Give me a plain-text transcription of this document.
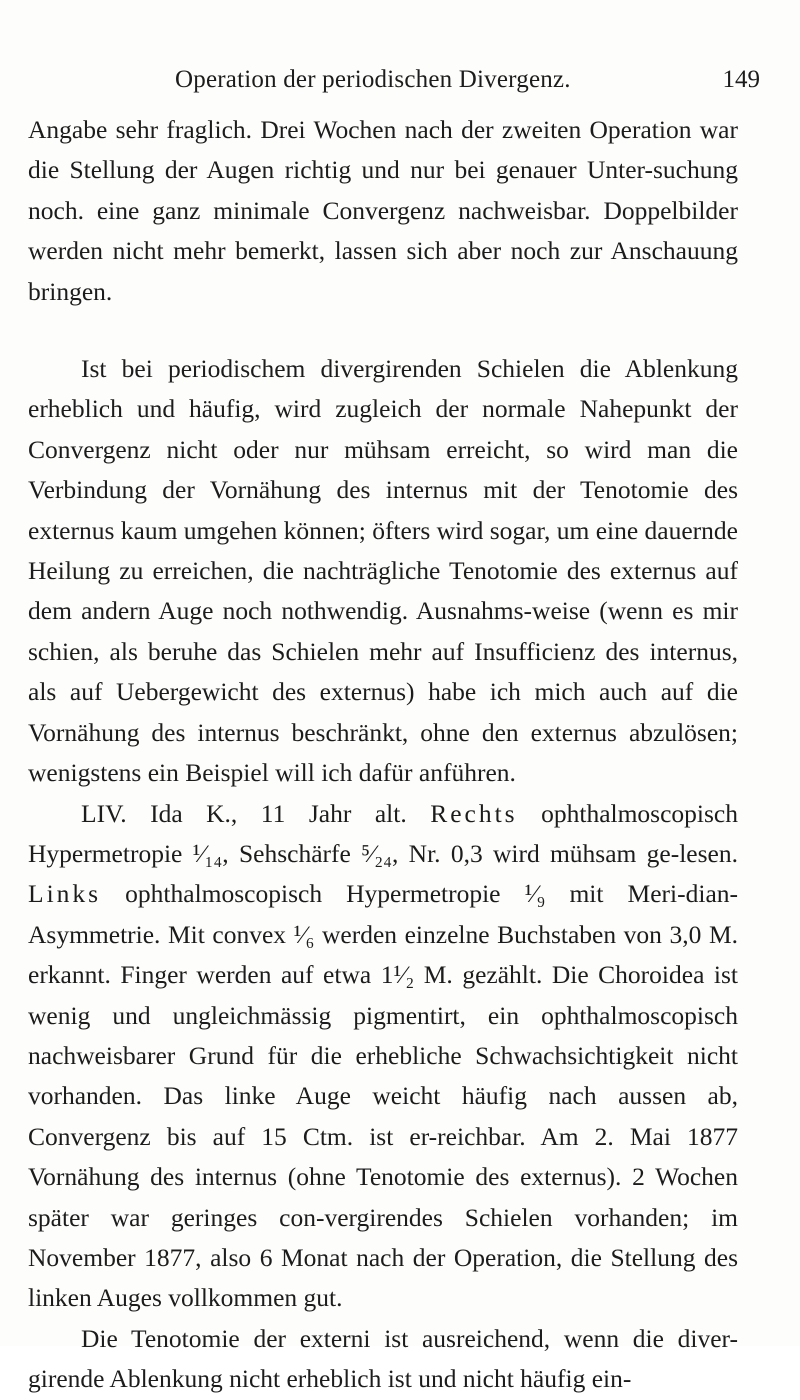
Operation der periodischen Divergenz.	149

Angabe sehr fraglich. Drei Wochen nach der zweiten Operation war die Stellung der Augen richtig und nur bei genauer Unter-suchung noch. eine ganz minimale Convergenz nachweisbar. Doppelbilder werden nicht mehr bemerkt, lassen sich aber noch zur Anschauung bringen.

Ist bei periodischem divergirenden Schielen die Ablenkung erheblich und häufig, wird zugleich der normale Nahepunkt der Convergenz nicht oder nur mühsam erreicht, so wird man die Verbindung der Vornähung des internus mit der Tenotomie des externus kaum umgehen können; öfters wird sogar, um eine dauernde Heilung zu erreichen, die nachträgliche Tenotomie des externus auf dem andern Auge noch nothwendig. Ausnahms-weise (wenn es mir schien, als beruhe das Schielen mehr auf Insufficienz des internus, als auf Uebergewicht des externus) habe ich mich auch auf die Vornähung des internus beschränkt, ohne den externus abzulösen; wenigstens ein Beispiel will ich dafür anführen.

LIV. Ida K., 11 Jahr alt. Rechts ophthalmoscopisch Hypermetropie ¹⁄₁₄, Sehschärfe ⁵⁄₂₄, Nr. 0,3 wird mühsam ge-lesen. Links ophthalmoscopisch Hypermetropie ¹⁄₉ mit Meri-dian-Asymmetrie. Mit convex ¹⁄₆ werden einzelne Buchstaben von 3,0 M. erkannt. Finger werden auf etwa 1¹⁄₂ M. gezählt. Die Choroidea ist wenig und ungleichmässig pigmentirt, ein ophthalmoscopisch nachweisbarer Grund für die erhebliche Schwachsichtigkeit nicht vorhanden. Das linke Auge weicht häufig nach aussen ab, Convergenz bis auf 15 Ctm. ist er-reichbar. Am 2. Mai 1877 Vornähung des internus (ohne Tenotomie des externus). 2 Wochen später war geringes con-vergirendes Schielen vorhanden; im November 1877, also 6 Monat nach der Operation, die Stellung des linken Auges vollkommen gut.

Die Tenotomie der externi ist ausreichend, wenn die diver-girende Ablenkung nicht erheblich ist und nicht häufig ein-
